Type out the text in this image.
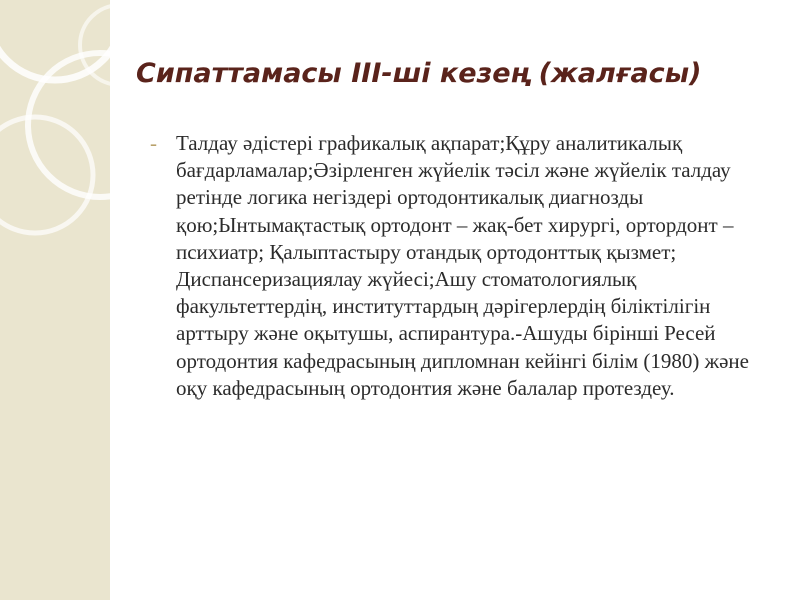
Сипаттамасы III-ші кезең (жалғасы)
- Талдау әдістері графикалық ақпарат;Құру аналитикалық бағдарламалар;Әзірленген жүйелік тәсіл және жүйелік талдау ретінде логика негіздері ортодонтикалық диагнозды қою;Ынтымақтастық ортодонт – жақ-бет хирургі, ортордонт –психиатр; Қалыптастыру отандық ортодонттық қызмет; Диспансеризациялау жүйесі;Ашу стоматологиялық факультеттердің, институттардың дәрігерлердің біліктілігін арттыру және оқытушы, аспирантура.-Ашуды бірінші Ресей ортодонтия кафедрасының дипломнан кейінгі білім (1980) және оқу кафедрасының ортодонтия және балалар протездеу.
